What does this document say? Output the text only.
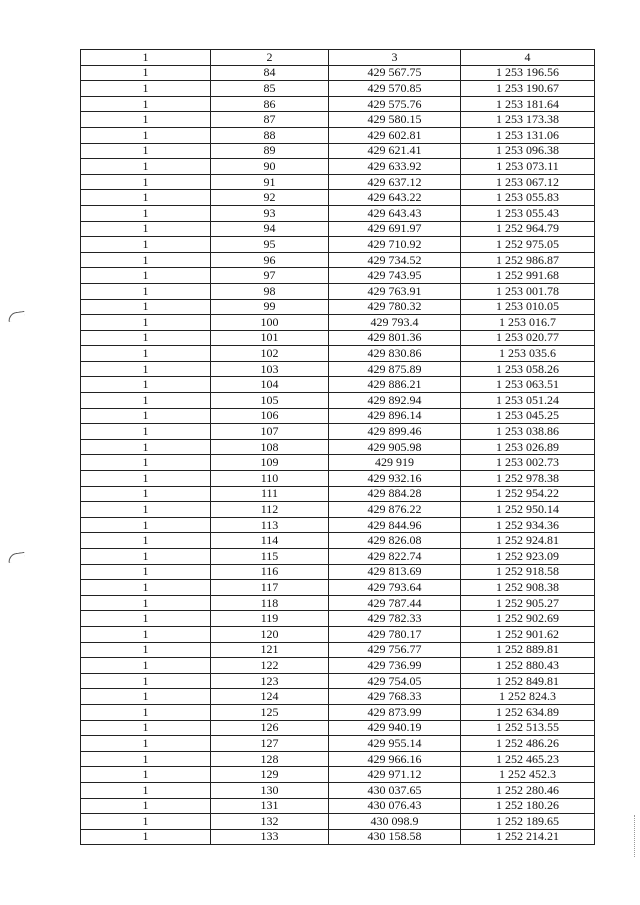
1	2	3	4
1	84	429 567.75	1 253 196.56
1	85	429 570.85	1 253 190.67
1	86	429 575.76	1 253 181.64
1	87	429 580.15	1 253 173.38
1	88	429 602.81	1 253 131.06
1	89	429 621.41	1 253 096.38
1	90	429 633.92	1 253 073.11
1	91	429 637.12	1 253 067.12
1	92	429 643.22	1 253 055.83
1	93	429 643.43	1 253 055.43
1	94	429 691.97	1 252 964.79
1	95	429 710.92	1 252 975.05
1	96	429 734.52	1 252 986.87
1	97	429 743.95	1 252 991.68
1	98	429 763.91	1 253 001.78
1	99	429 780.32	1 253 010.05
1	100	429 793.4	1 253 016.7
1	101	429 801.36	1 253 020.77
1	102	429 830.86	1 253 035.6
1	103	429 875.89	1 253 058.26
1	104	429 886.21	1 253 063.51
1	105	429 892.94	1 253 051.24
1	106	429 896.14	1 253 045.25
1	107	429 899.46	1 253 038.86
1	108	429 905.98	1 253 026.89
1	109	429 919	1 253 002.73
1	110	429 932.16	1 252 978.38
1	111	429 884.28	1 252 954.22
1	112	429 876.22	1 252 950.14
1	113	429 844.96	1 252 934.36
1	114	429 826.08	1 252 924.81
1	115	429 822.74	1 252 923.09
1	116	429 813.69	1 252 918.58
1	117	429 793.64	1 252 908.38
1	118	429 787.44	1 252 905.27
1	119	429 782.33	1 252 902.69
1	120	429 780.17	1 252 901.62
1	121	429 756.77	1 252 889.81
1	122	429 736.99	1 252 880.43
1	123	429 754.05	1 252 849.81
1	124	429 768.33	1 252 824.3
1	125	429 873.99	1 252 634.89
1	126	429 940.19	1 252 513.55
1	127	429 955.14	1 252 486.26
1	128	429 966.16	1 252 465.23
1	129	429 971.12	1 252 452.3
1	130	430 037.65	1 252 280.46
1	131	430 076.43	1 252 180.26
1	132	430 098.9	1 252 189.65
1	133	430 158.58	1 252 214.21
